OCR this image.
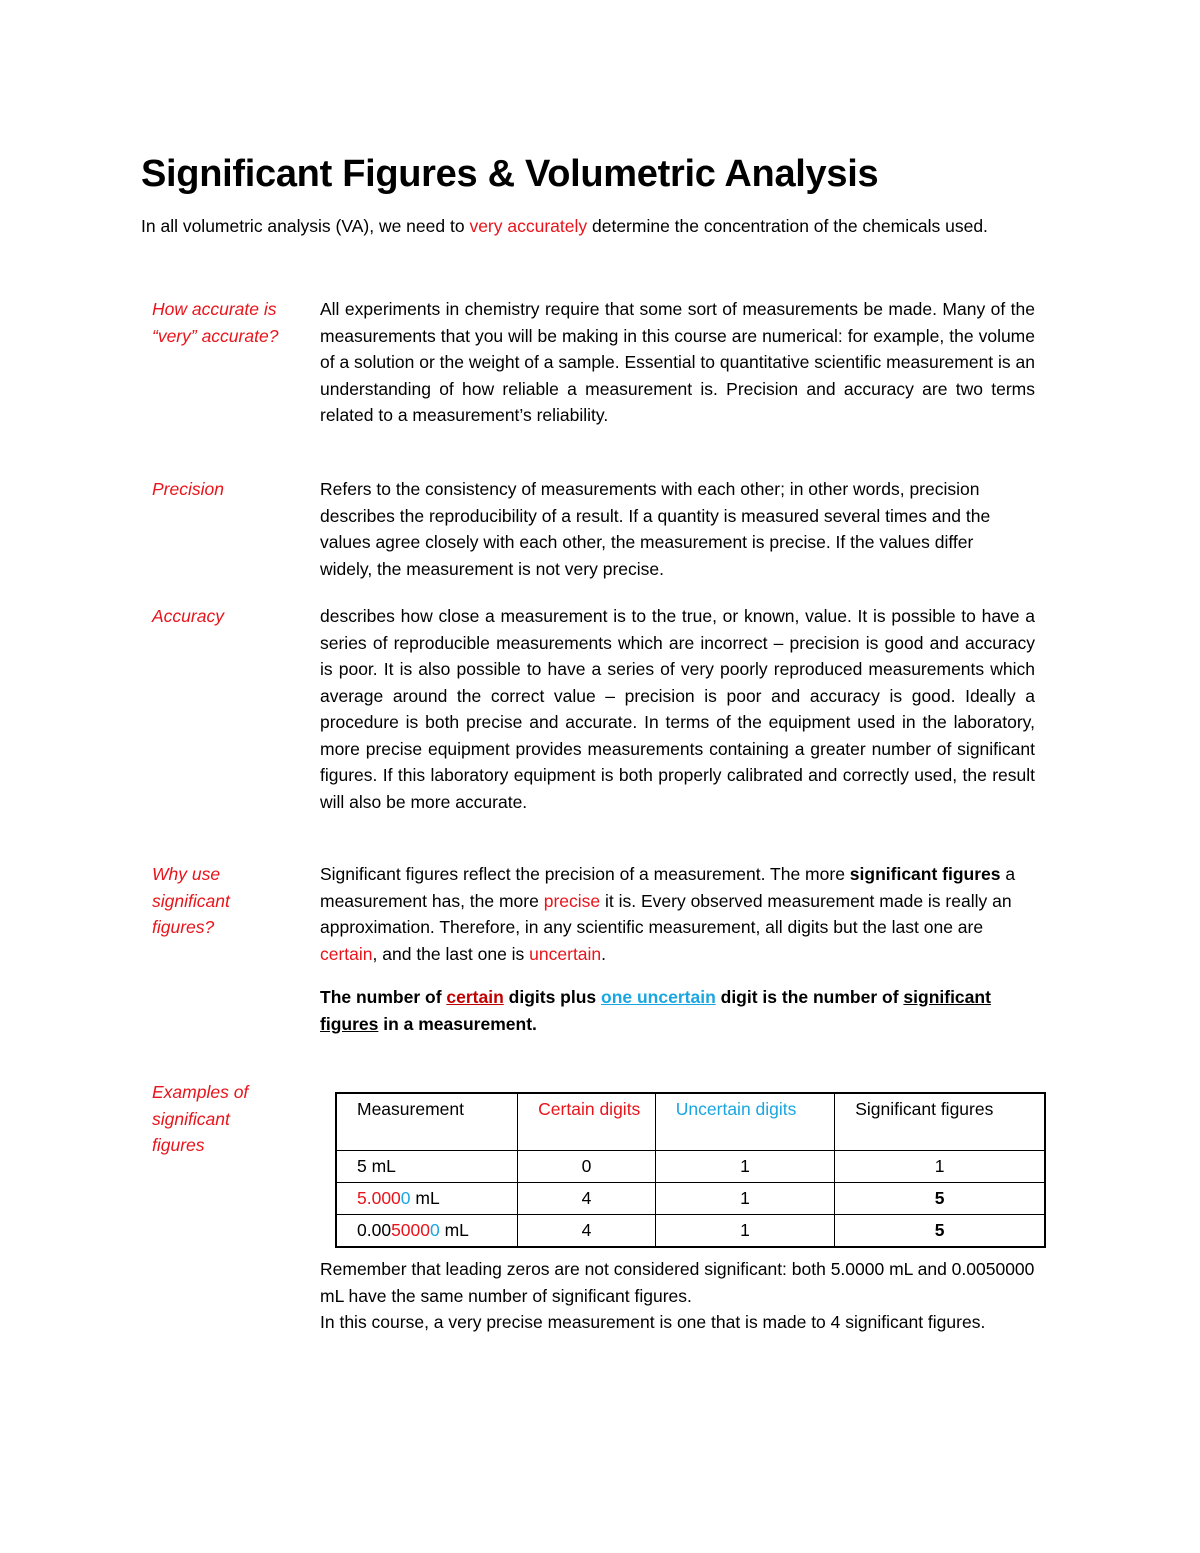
Significant Figures & Volumetric Analysis

In all volumetric analysis (VA), we need to very accurately determine the concentration of the chemicals used.

How accurate is “very” accurate?

All experiments in chemistry require that some sort of measurements be made. Many of the measurements that you will be making in this course are numerical: for example, the volume of a solution or the weight of a sample. Essential to quantitative scientific measurement is an understanding of how reliable a measurement is. Precision and accuracy are two terms related to a measurement’s reliability.

Precision	Refers to the consistency of measurements with each other; in other words, precision describes the reproducibility of a result. If a quantity is measured several times and the values agree closely with each other, the measurement is precise. If the values differ widely, the measurement is not very precise.

Accuracy	describes how close a measurement is to the true, or known, value. It is possible to have a series of reproducible measurements which are incorrect – precision is good and accuracy is poor. It is also possible to have a series of very poorly reproduced measurements which average around the correct value – precision is poor and accuracy is good. Ideally a procedure is both precise and accurate. In terms of the equipment used in the laboratory, more precise equipment provides measurements containing a greater number of significant figures. If this laboratory equipment is both properly calibrated and correctly used, the result will also be more accurate.

Why use significant figures?

Significant figures reflect the precision of a measurement. The more significant figures a measurement has, the more precise it is. Every observed measurement made is really an approximation. Therefore, in any scientific measurement, all digits but the last one are certain, and the last one is uncertain.

The number of certain digits plus one uncertain digit is the number of significant figures in a measurement.

Examples of significant figures

Measurement	Certain digits	Uncertain digits	Significant figures
5 mL	0	1	1
5.0000 mL	4	1	5
0.0050000 mL	4	1	5

Remember that leading zeros are not considered significant: both 5.0000 mL and 0.0050000 mL have the same number of significant figures.

In this course, a very precise measurement is one that is made to 4 significant figures.
